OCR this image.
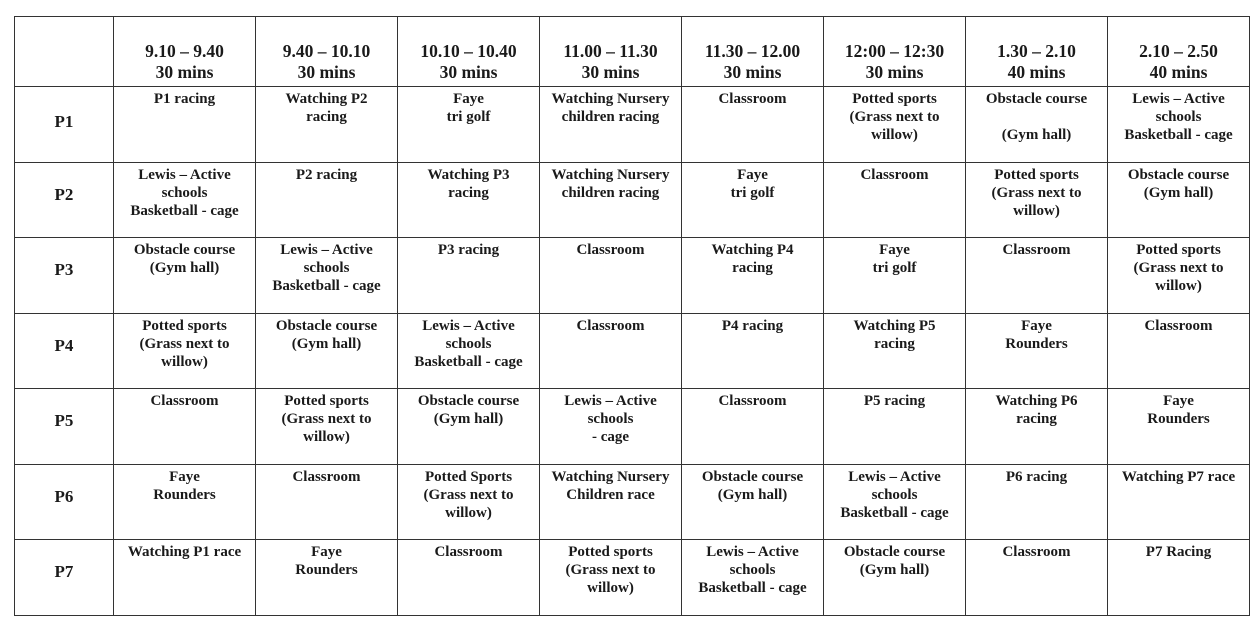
	9.10 – 9.40
30 mins	9.40 – 10.10
30 mins	10.10 – 10.40
30 mins	11.00 – 11.30
30 mins	11.30 – 12.00
30 mins	12:00 – 12:30
30 mins	1.30 – 2.10
40 mins	2.10 – 2.50
40 mins

P1	P1 racing	Watching P2
racing	Faye
tri golf	Watching Nursery
children racing	Classroom	Potted sports
(Grass next to
willow)	Obstacle course

(Gym hall)	Lewis – Active
schools
Basketball - cage
P2	Lewis – Active
schools
Basketball - cage	P2 racing	Watching P3
racing	Watching Nursery
children racing	Faye
tri golf	Classroom	Potted sports
(Grass next to
willow)	Obstacle course
(Gym hall)
P3	Obstacle course
(Gym hall)	Lewis – Active
schools
Basketball - cage	P3 racing	Classroom	Watching P4
racing	Faye
tri golf	Classroom	Potted sports
(Grass next to
willow)
P4	Potted sports
(Grass next to
willow)	Obstacle course
(Gym hall)	Lewis – Active
schools
Basketball - cage	Classroom	P4 racing	Watching P5
racing	Faye
Rounders	Classroom
P5	Classroom	Potted sports
(Grass next to
willow)	Obstacle course
(Gym hall)	Lewis – Active
schools
- cage	Classroom	P5 racing	Watching P6
racing	Faye
Rounders
P6	Faye
Rounders	Classroom	Potted Sports
(Grass next to
willow)	Watching Nursery
Children race	Obstacle course
(Gym hall)	Lewis – Active
schools
Basketball - cage	P6 racing	Watching P7 race
P7	Watching P1 race	Faye
Rounders	Classroom	Potted sports
(Grass next to
willow)	Lewis – Active
schools
Basketball - cage	Obstacle course
(Gym hall)	Classroom	P7 Racing
